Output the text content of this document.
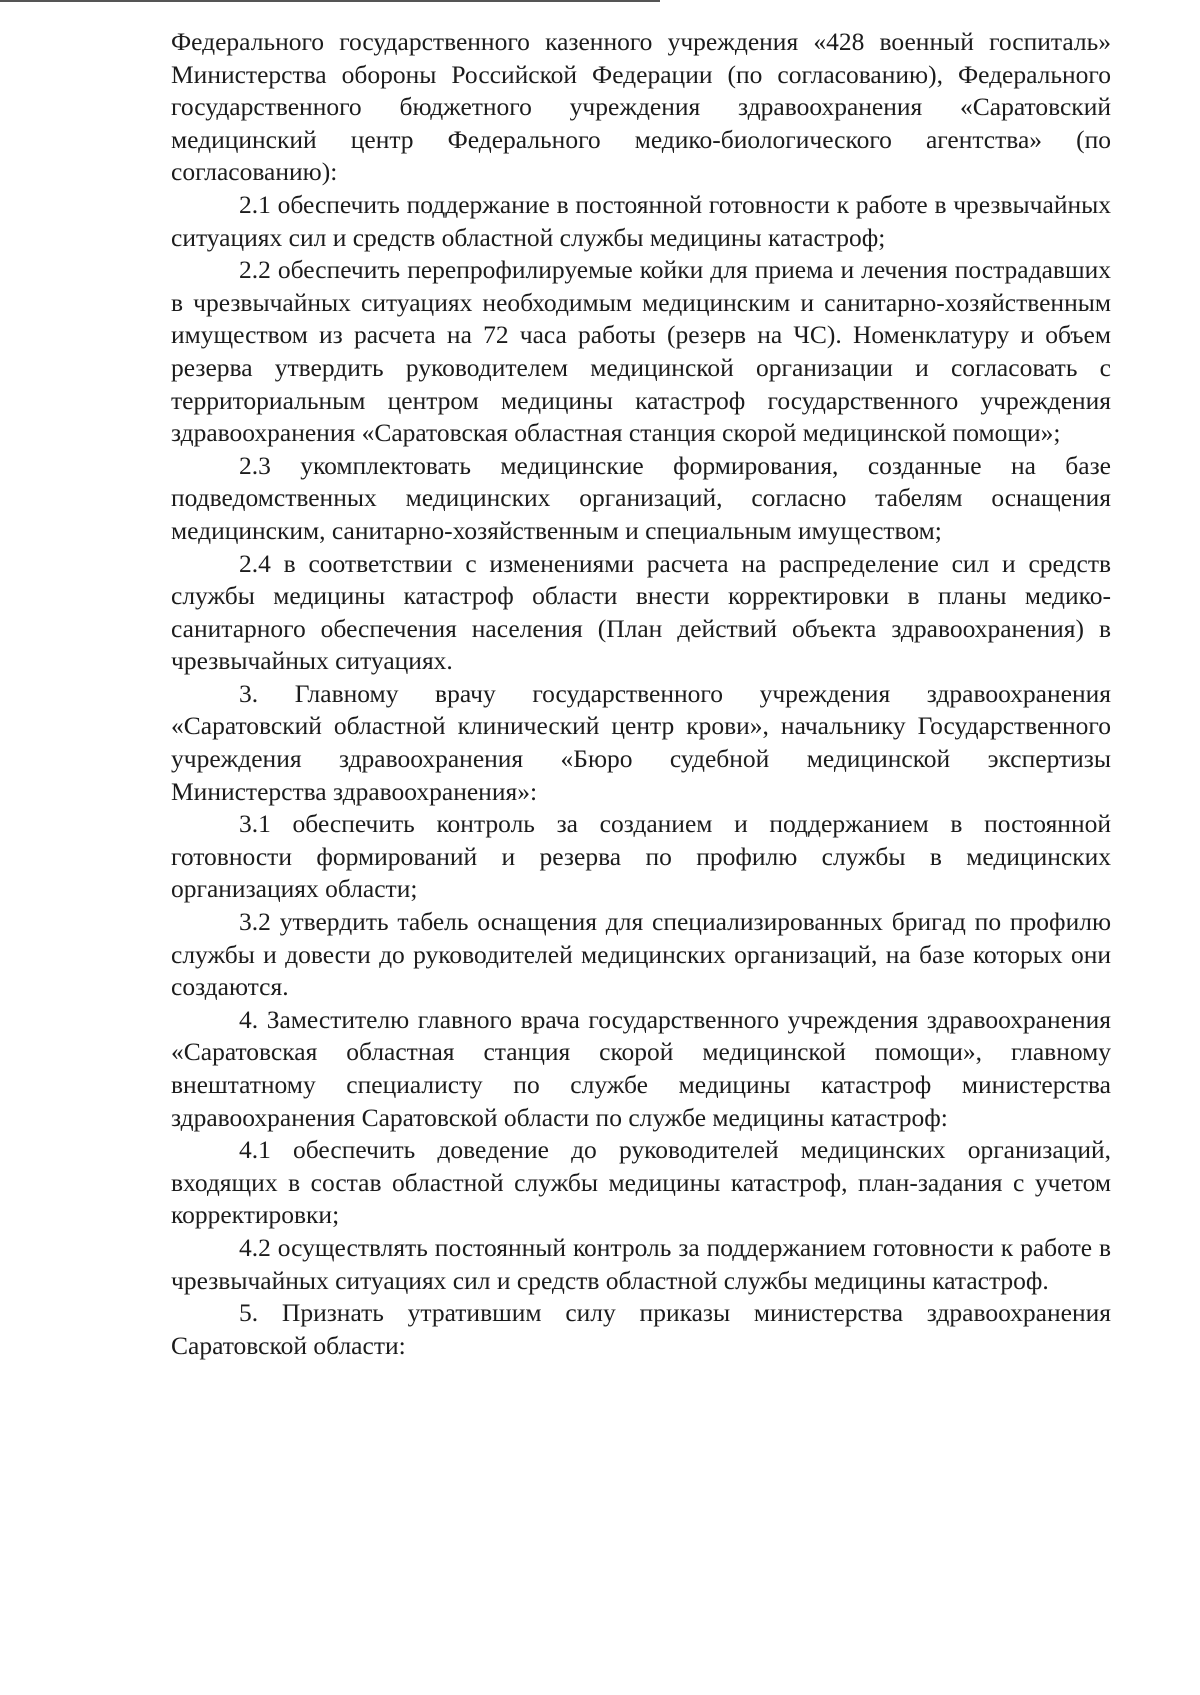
Федерального государственного казенного учреждения «428 военный госпиталь» Министерства обороны Российской Федерации (по согласованию), Федерального государственного бюджетного учреждения здравоохранения «Саратовский медицинский центр Федерального медико-биологического агентства» (по согласованию):

2.1 обеспечить поддержание в постоянной готовности к работе в чрезвычайных ситуациях сил и средств областной службы медицины катастроф;

2.2 обеспечить перепрофилируемые койки для приема и лечения пострадавших в чрезвычайных ситуациях необходимым медицинским и санитарно-хозяйственным имуществом из расчета на 72 часа работы (резерв на ЧС). Номенклатуру и объем резерва утвердить руководителем медицинской организации и согласовать с территориальным центром медицины катастроф государственного учреждения здравоохранения «Саратовская областная станция скорой медицинской помощи»;

2.3 укомплектовать медицинские формирования, созданные на базе подведомственных медицинских организаций, согласно табелям оснащения медицинским, санитарно-хозяйственным и специальным имуществом;

2.4 в соответствии с изменениями расчета на распределение сил и средств службы медицины катастроф области внести корректировки в планы медико-санитарного обеспечения населения (План действий объекта здравоохранения) в чрезвычайных ситуациях.

3. Главному врачу государственного учреждения здравоохранения «Саратовский областной клинический центр крови», начальнику Государственного учреждения здравоохранения «Бюро судебной медицинской экспертизы Министерства здравоохранения»:

3.1 обеспечить контроль за созданием и поддержанием в постоянной готовности формирований и резерва по профилю службы в медицинских организациях области;

3.2 утвердить табель оснащения для специализированных бригад по профилю службы и довести до руководителей медицинских организаций, на базе которых они создаются.

4. Заместителю главного врача государственного учреждения здравоохранения «Саратовская областная станция скорой медицинской помощи», главному внештатному специалисту по службе медицины катастроф министерства здравоохранения Саратовской области по службе медицины катастроф:

4.1 обеспечить доведение до руководителей медицинских организаций, входящих в состав областной службы медицины катастроф, план-задания с учетом корректировки;

4.2 осуществлять постоянный контроль за поддержанием готовности к работе в чрезвычайных ситуациях сил и средств областной службы медицины катастроф.

5. Признать утратившим силу приказы министерства здравоохранения Саратовской области:
